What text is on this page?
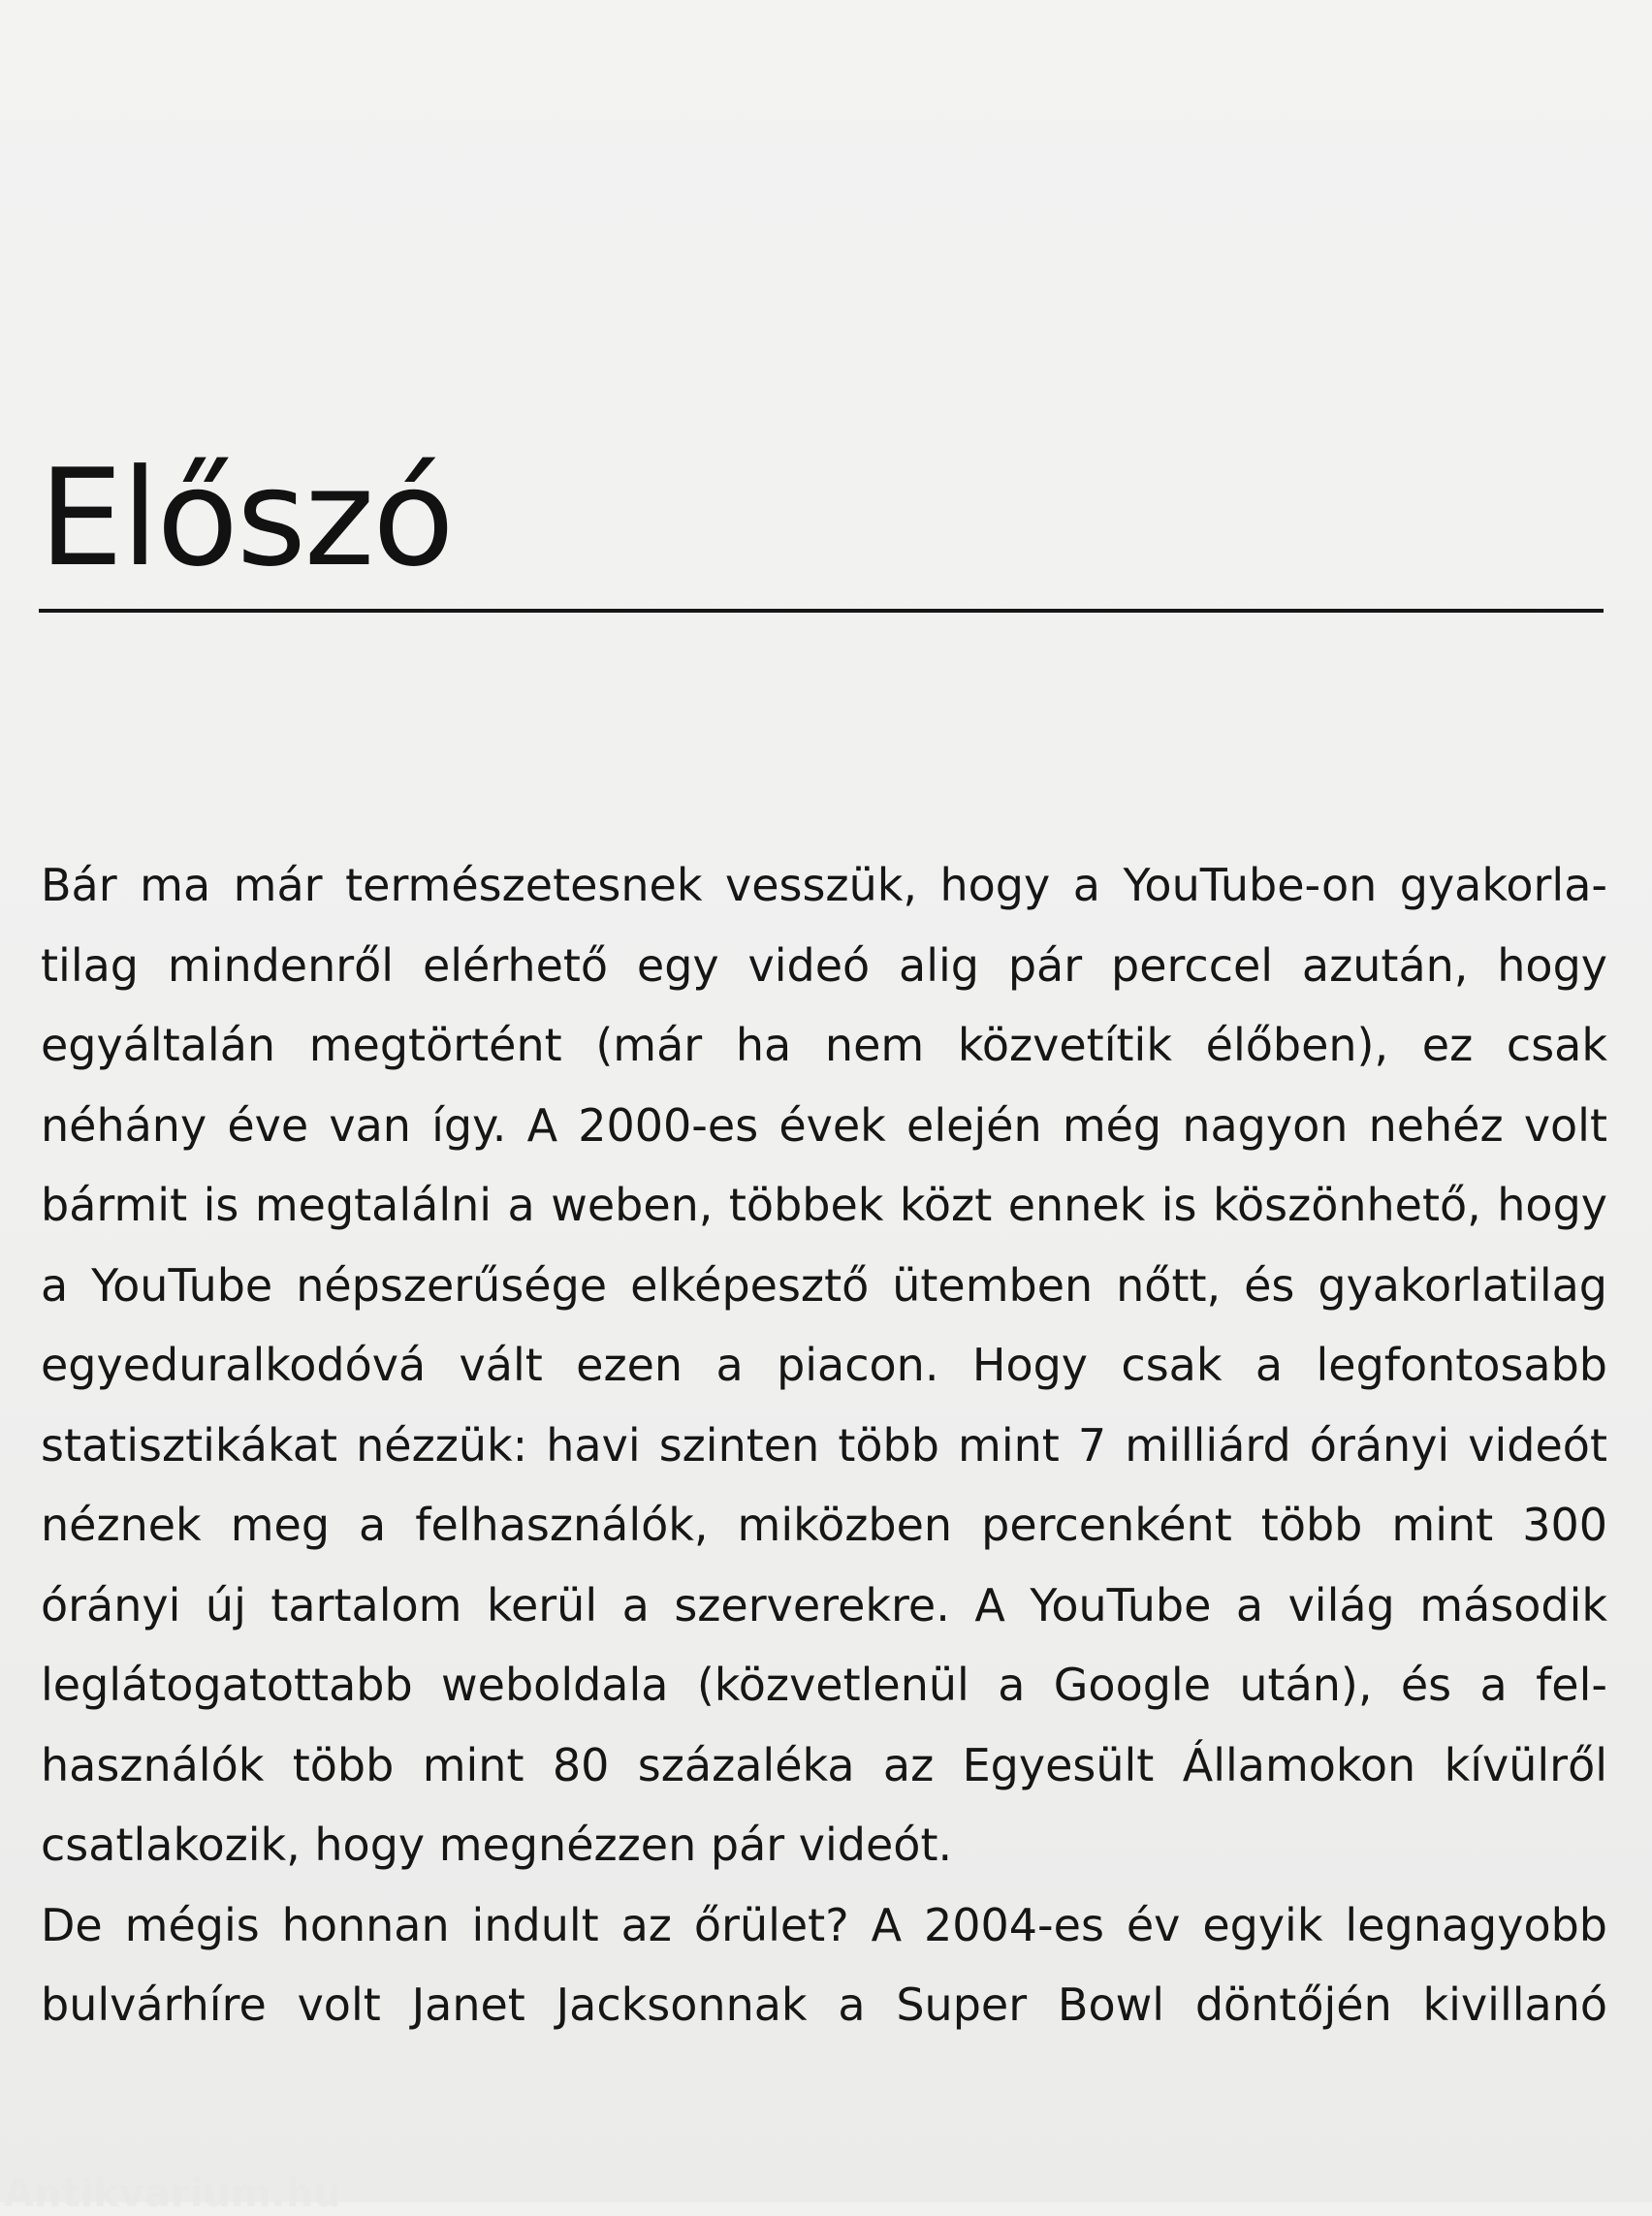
Előszó
Bár ma már természetesnek vesszük, hogy a YouTube-on gyakorla-
tilag mindenről elérhető egy videó alig pár perccel azután, hogy
egyáltalán megtörtént (már ha nem közvetítik élőben), ez csak
néhány éve van így. A 2000-es évek elején még nagyon nehéz volt
bármit is megtalálni a weben, többek közt ennek is köszönhető, hogy
a YouTube népszerűsége elképesztő ütemben nőtt, és gyakorlatilag
egyeduralkodóvá vált ezen a piacon. Hogy csak a legfontosabb
statisztikákat nézzük: havi szinten több mint 7 milliárd órányi videót
néznek meg a felhasználók, miközben percenként több mint 300
órányi új tartalom kerül a szerverekre. A YouTube a világ második
leglátogatottabb weboldala (közvetlenül a Google után), és a fel-
használók több mint 80 százaléka az Egyesült Államokon kívülről
csatlakozik, hogy megnézzen pár videót.
De mégis honnan indult az őrület? A 2004-es év egyik legnagyobb
bulvárhíre volt Janet Jacksonnak a Super Bowl döntőjén kivillanó
Antikvarium.hu
